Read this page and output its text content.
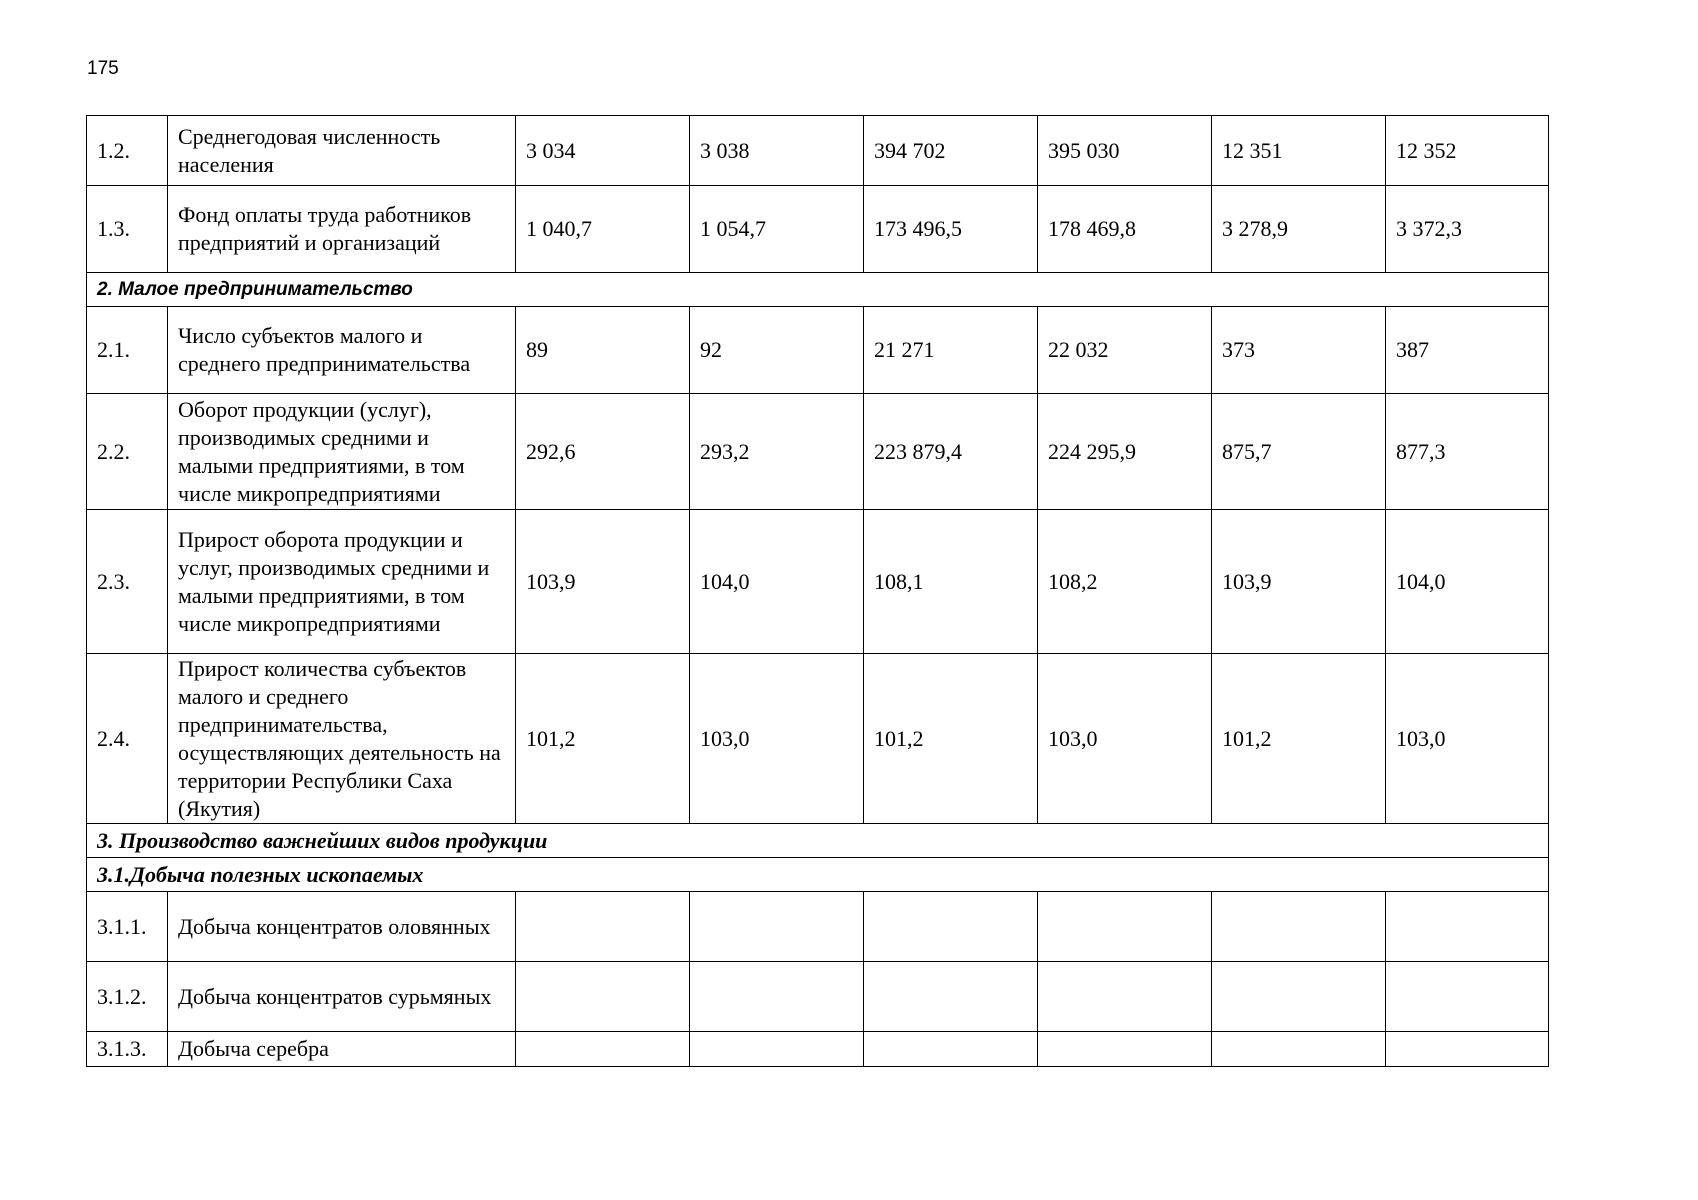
175
1.2.	Среднегодовая численность населения	3 034	3 038	394 702	395 030	12 351	12 352
1.3.	Фонд оплаты труда работников предприятий и организаций	1 040,7	1 054,7	173 496,5	178 469,8	3 278,9	3 372,3
2. Малое предпринимательство							
2.1.	Число субъектов малого и среднего предпринимательства	89	92	21 271	22 032	373	387
2.2.	Оборот продукции (услуг), производимых средними и малыми предприятиями, в том числе микропредприятиями	292,6	293,2	223 879,4	224 295,9	875,7	877,3
2.3.	Прирост оборота продукции и услуг, производимых средними и малыми предприятиями, в том числе микропредприятиями	103,9	104,0	108,1	108,2	103,9	104,0
2.4.	Прирост количества субъектов малого и среднего предпринимательства, осуществляющих деятельность на территории Республики Саха (Якутия)	101,2	103,0	101,2	103,0	101,2	103,0
3. Производство важнейших видов продукции							
3.1.Добыча полезных ископаемых							
3.1.1.	Добыча концентратов оловянных						
3.1.2.	Добыча концентратов сурьмяных						
3.1.3.	Добыча серебра						
